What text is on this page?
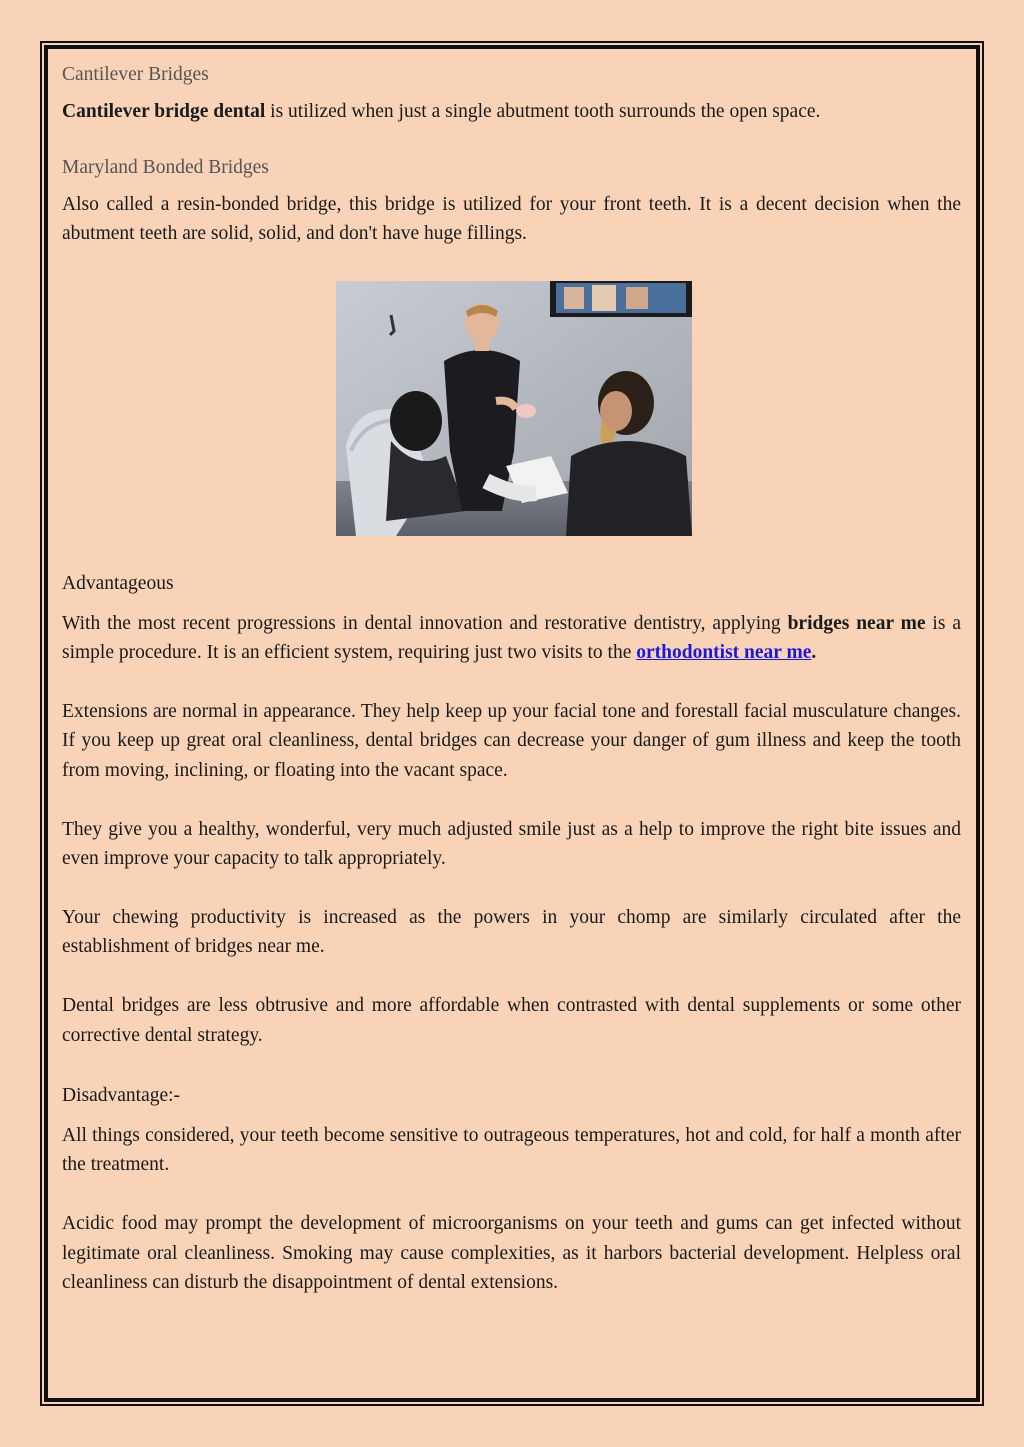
Cantilever Bridges

Cantilever bridge dental is utilized when just a single abutment tooth surrounds the open space.

Maryland Bonded Bridges

Also called a resin-bonded bridge, this bridge is utilized for your front teeth. It is a decent decision when the abutment teeth are solid, solid, and don't have huge fillings.

Advantageous

With the most recent progressions in dental innovation and restorative dentistry, applying bridges near me is a simple procedure. It is an efficient system, requiring just two visits to the orthodontist near me.

Extensions are normal in appearance. They help keep up your facial tone and forestall facial musculature changes. If you keep up great oral cleanliness, dental bridges can decrease your danger of gum illness and keep the tooth from moving, inclining, or floating into the vacant space.

They give you a healthy, wonderful, very much adjusted smile just as a help to improve the right bite issues and even improve your capacity to talk appropriately.

Your chewing productivity is increased as the powers in your chomp are similarly circulated after the establishment of bridges near me.

Dental bridges are less obtrusive and more affordable when contrasted with dental supplements or some other corrective dental strategy.

Disadvantage:-

All things considered, your teeth become sensitive to outrageous temperatures, hot and cold, for half a month after the treatment.

Acidic food may prompt the development of microorganisms on your teeth and gums can get infected without legitimate oral cleanliness. Smoking may cause complexities, as it harbors bacterial development. Helpless oral cleanliness can disturb the disappointment of dental extensions.
